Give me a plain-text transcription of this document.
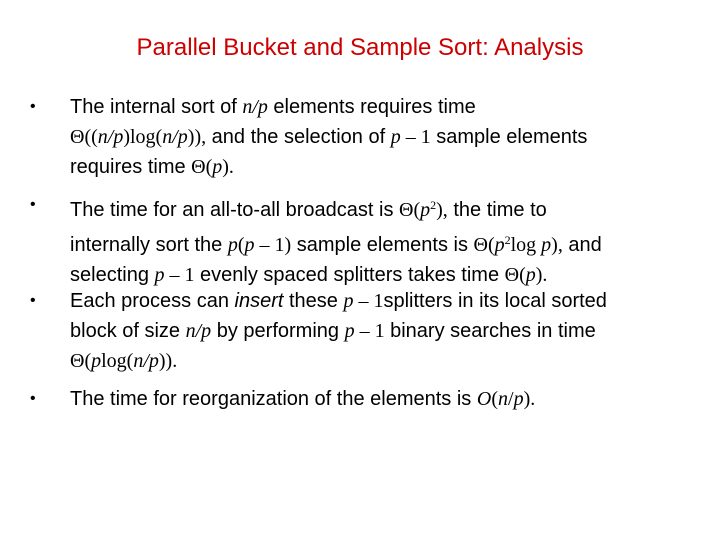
Parallel Bucket and Sample Sort: Analysis
• The internal sort of n/p elements requires time
Θ((n/p)log(n/p)), and the selection of p – 1 sample elements
requires time Θ(p).
• The time for an all-to-all broadcast is $\Theta(p^2)$, the time to
internally sort the p(p – 1) sample elements is $\Theta(p^2\log$ p), and
selecting p – 1 evenly spaced splitters takes time Θ(p).
• Each process can insert these p – 1splitters in its local sorted
block of size n/p by performing p – 1 binary searches in time
Θ(plog(n/p)).
• The time for reorganization of the elements is O(n/p).
